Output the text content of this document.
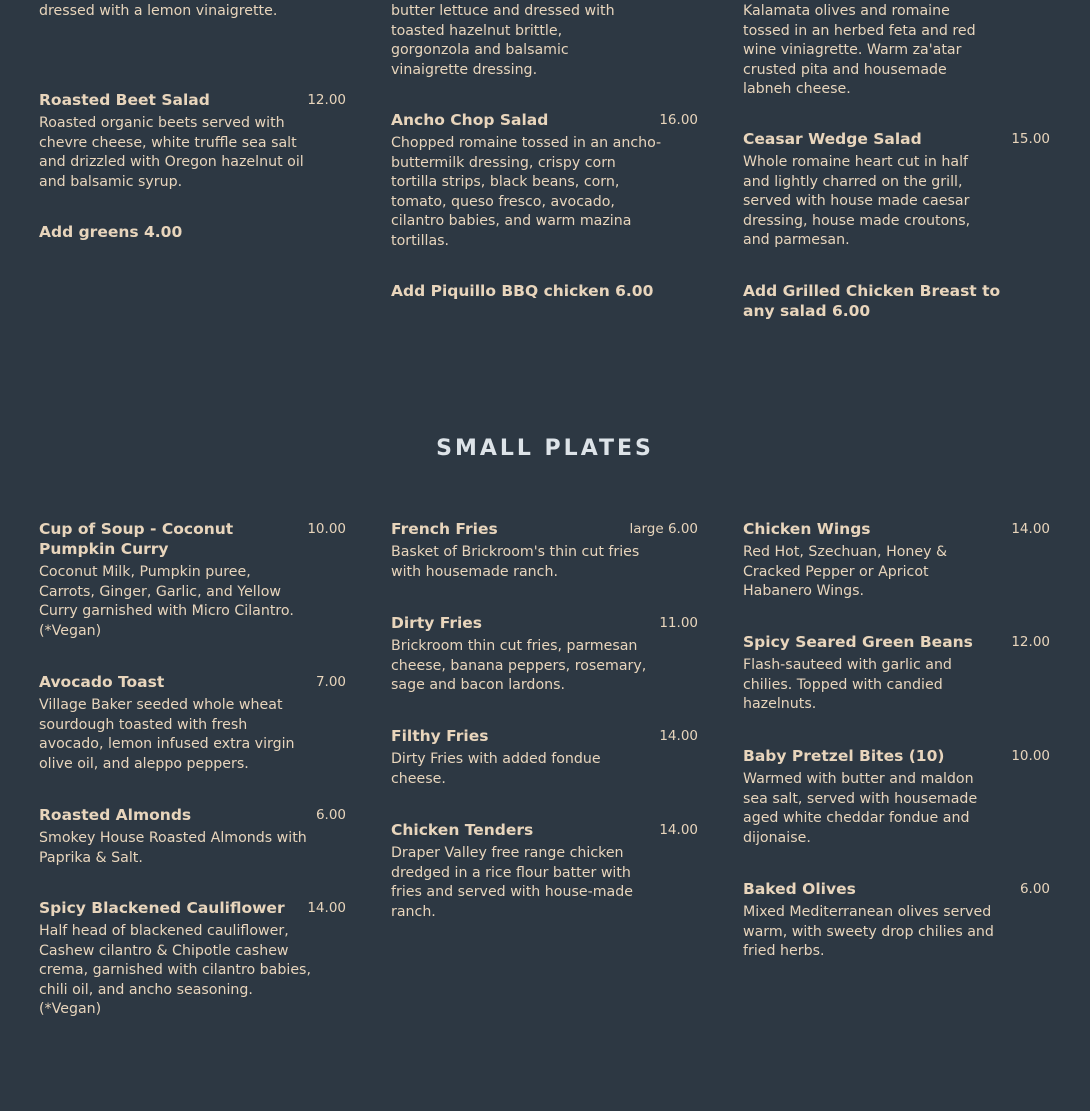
dressed with a lemon vinaigrette.
Roasted Beet Salad	12.00
Roasted organic beets served with chevre cheese, white truffle sea salt and drizzled with Oregon hazelnut oil and balsamic syrup.
Add greens 4.00
butter lettuce and dressed with toasted hazelnut brittle, gorgonzola and balsamic vinaigrette dressing.
Ancho Chop Salad	16.00
Chopped romaine tossed in an ancho-buttermilk dressing, crispy corn tortilla strips, black beans, corn, tomato, queso fresco, avocado, cilantro babies, and warm mazina tortillas.
Add Piquillo BBQ chicken 6.00
Kalamata olives and romaine tossed in an herbed feta and red wine viniagrette. Warm za'atar crusted pita and housemade labneh cheese.
Ceasar Wedge Salad	15.00
Whole romaine heart cut in half and lightly charred on the grill, served with house made caesar dressing, house made croutons, and parmesan.
Add Grilled Chicken Breast to any salad 6.00
SMALL PLATES
Cup of Soup - Coconut Pumpkin Curry
10.00
Coconut Milk, Pumpkin puree, Carrots, Ginger, Garlic, and Yellow Curry garnished with Micro Cilantro. (*Vegan)
Avocado Toast	7.00
Village Baker seeded whole wheat sourdough toasted with fresh avocado, lemon infused extra virgin olive oil, and aleppo peppers.
Roasted Almonds	6.00
Smokey House Roasted Almonds with Paprika & Salt.
Spicy Blackened Cauliflower	14.00
Half head of blackened cauliflower, Cashew cilantro & Chipotle cashew crema, garnished with cilantro babies, chili oil, and ancho seasoning. (*Vegan)
French Fries	large 6.00
Basket of Brickroom's thin cut fries with housemade ranch.
Dirty Fries	11.00
Brickroom thin cut fries, parmesan cheese, banana peppers, rosemary, sage and bacon lardons.
Filthy Fries	14.00
Dirty Fries with added fondue cheese.
Chicken Tenders	14.00
Draper Valley free range chicken dredged in a rice flour batter with fries and served with house-made ranch.
Chicken Wings	14.00
Red Hot, Szechuan, Honey & Cracked Pepper or Apricot Habanero Wings.
Spicy Seared Green Beans	12.00
Flash-sauteed with garlic and chilies. Topped with candied hazelnuts.
Baby Pretzel Bites (10)	10.00
Warmed with butter and maldon sea salt, served with housemade aged white cheddar fondue and dijonaise.
Baked Olives	6.00
Mixed Mediterranean olives served warm, with sweety drop chilies and fried herbs.
